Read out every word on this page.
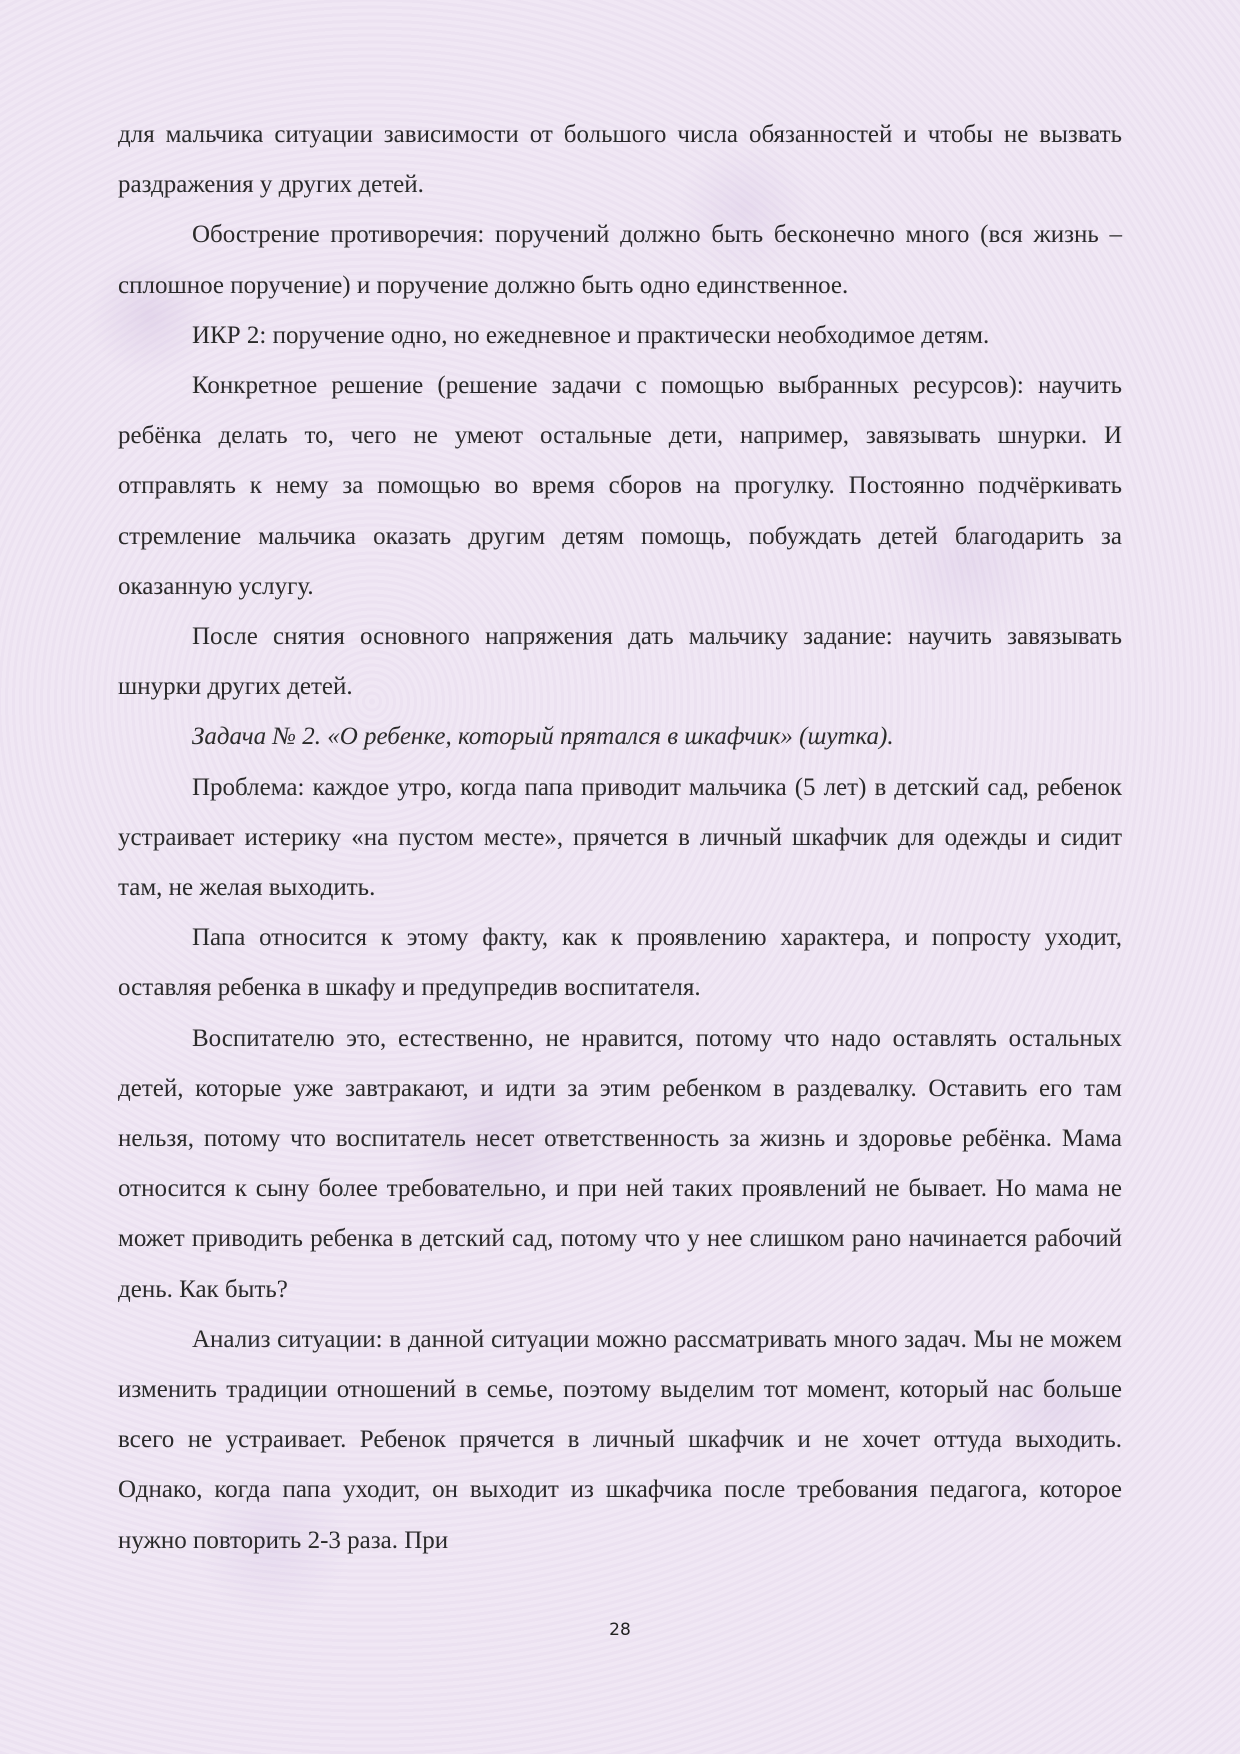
для мальчика ситуации зависимости от большого числа обязанностей и чтобы не вызвать раздражения у других детей.

Обострение противоречия: поручений должно быть бесконечно много (вся жизнь – сплошное поручение) и поручение должно быть одно единственное.

ИКР 2: поручение одно, но ежедневное и практически необходимое детям.

Конкретное решение (решение задачи с помощью выбранных ресурсов): научить ребёнка делать то, чего не умеют остальные дети, например, завязывать шнурки. И отправлять к нему за помощью во время сборов на прогулку. Постоянно подчёркивать стремление мальчика оказать другим детям помощь, побуждать детей благодарить за оказанную услугу.

После снятия основного напряжения дать мальчику задание: научить завязывать шнурки других детей.

Задача № 2. «О ребенке, который прятался в шкафчик» (шутка).

Проблема: каждое утро, когда папа приводит мальчика (5 лет) в детский сад, ребенок устраивает истерику «на пустом месте», прячется в личный шкафчик для одежды и сидит там, не желая выходить.

Папа относится к этому факту, как к проявлению характера, и попросту уходит, оставляя ребенка в шкафу и предупредив воспитателя.

Воспитателю это, естественно, не нравится, потому что надо оставлять остальных детей, которые уже завтракают, и идти за этим ребенком в раздевалку. Оставить его там нельзя, потому что воспитатель несет ответственность за жизнь и здоровье ребёнка. Мама относится к сыну более требовательно, и при ней таких проявлений не бывает. Но мама не может приводить ребенка в детский сад, потому что у нее слишком рано начинается рабочий день. Как быть?

Анализ ситуации: в данной ситуации можно рассматривать много задач. Мы не можем изменить традиции отношений в семье, поэтому выделим тот момент, который нас больше всего не устраивает. Ребенок прячется в личный шкафчик и не хочет оттуда выходить. Однако, когда папа уходит, он выходит из шкафчика после требования педагога, которое нужно повторить 2-3 раза. При

28
